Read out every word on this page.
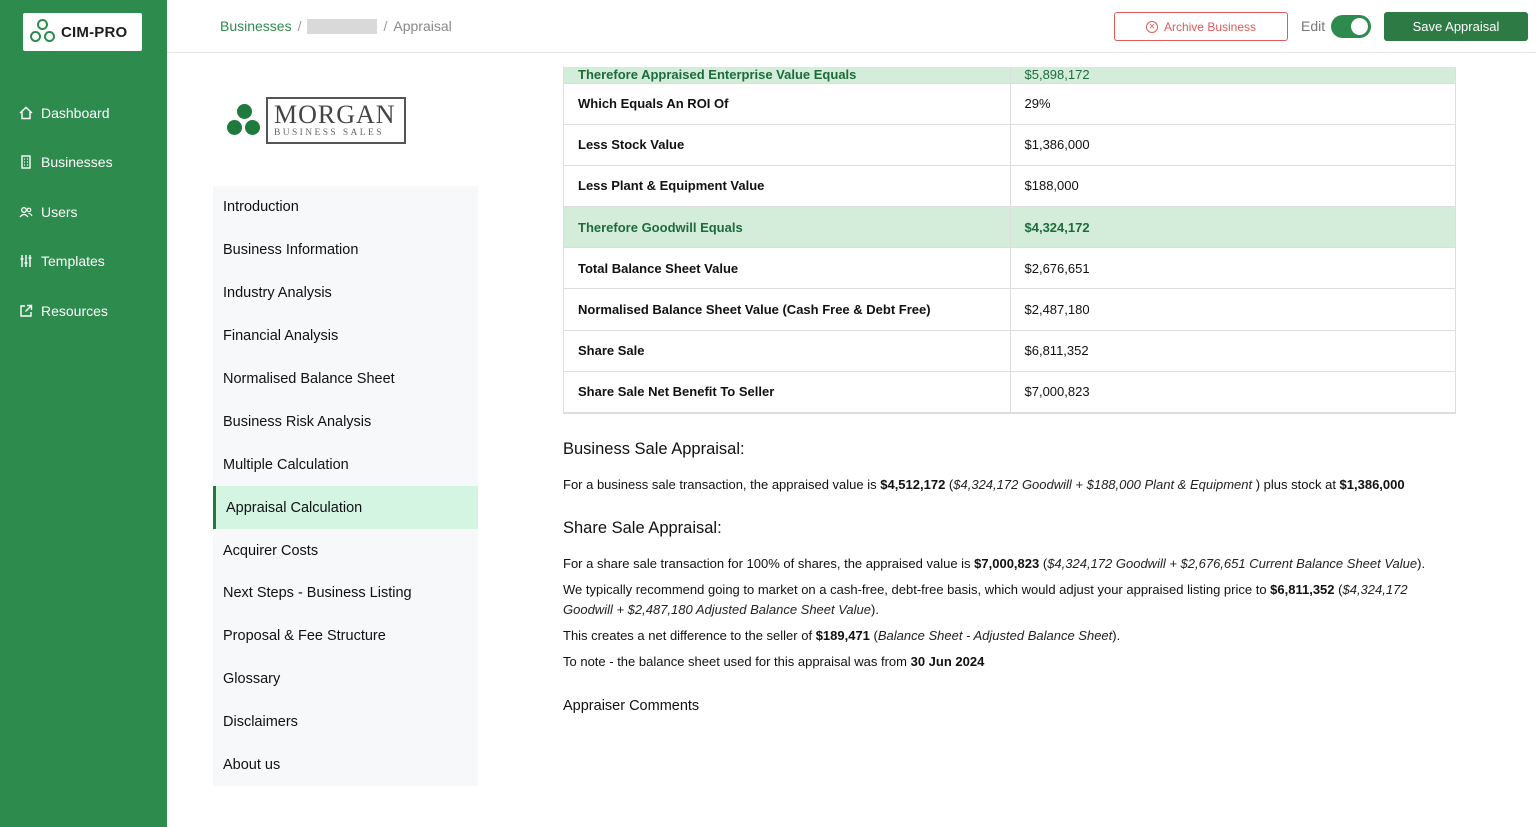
CIM-PRO
Dashboard
Businesses
Users
Templates
Resources
Businesses /	/ Appraisal	✕ Archive Business	Edit	Save Appraisal
MORGAN
BUSINESS SALES
Introduction
Business Information
Industry Analysis
Financial Analysis
Normalised Balance Sheet
Business Risk Analysis
Multiple Calculation
Appraisal Calculation
Acquirer Costs
Next Steps - Business Listing
Proposal & Fee Structure
Glossary
Disclaimers
About us
Therefore Appraised Enterprise Value Equals	$5,898,172
Which Equals An ROI Of	29%
Less Stock Value	$1,386,000
Less Plant & Equipment Value	$188,000
Therefore Goodwill Equals	$4,324,172
Total Balance Sheet Value	$2,676,651
Normalised Balance Sheet Value (Cash Free & Debt Free)	$2,487,180
Share Sale	$6,811,352
Share Sale Net Benefit To Seller	$7,000,823
Business Sale Appraisal:
For a business sale transaction, the appraised value is $4,512,172 ($4,324,172 Goodwill + $188,000 Plant & Equipment ) plus stock at $1,386,000
Share Sale Appraisal:
For a share sale transaction for 100% of shares, the appraised value is $7,000,823 ($4,324,172 Goodwill + $2,676,651 Current Balance Sheet Value).
We typically recommend going to market on a cash-free, debt-free basis, which would adjust your appraised listing price to $6,811,352 ($4,324,172 Goodwill + $2,487,180 Adjusted Balance Sheet Value).
This creates a net difference to the seller of $189,471 (Balance Sheet - Adjusted Balance Sheet).
To note - the balance sheet used for this appraisal was from 30 Jun 2024
Appraiser Comments
